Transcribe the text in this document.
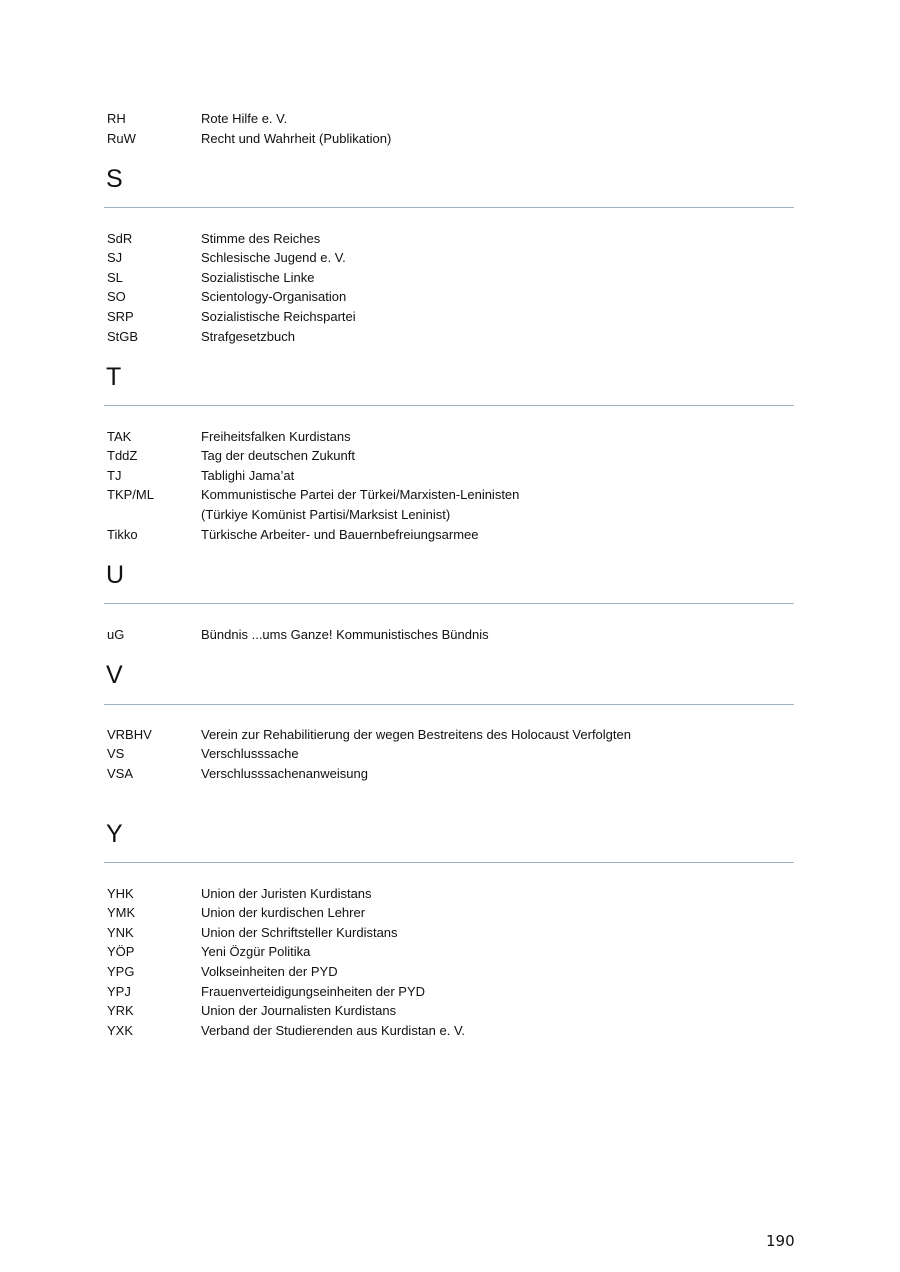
RH	Rote Hilfe e. V.
RuW	Recht und Wahrheit (Publikation)
S
SdR	Stimme des Reiches
SJ	Schlesische Jugend e. V.
SL	Sozialistische Linke
SO	Scientology-Organisation
SRP	Sozialistische Reichspartei
StGB	Strafgesetzbuch
T
TAK	Freiheitsfalken Kurdistans
TddZ	Tag der deutschen Zukunft
TJ	Tablighi Jama’at
TKP/ML	Kommunistische Partei der Türkei/Marxisten-Leninisten
(Türkiye Komünist Partisi/Marksist Leninist)
Tikko	Türkische Arbeiter- und Bauernbefreiungsarmee
U
uG	Bündnis ...ums Ganze! Kommunistisches Bündnis
V
VRBHV	Verein zur Rehabilitierung der wegen Bestreitens des Holocaust Verfolgten
VS	Verschlusssache
VSA	Verschlusssachenanweisung
Y
YHK	Union der Juristen Kurdistans
YMK	Union der kurdischen Lehrer
YNK	Union der Schriftsteller Kurdistans
YÖP	Yeni Özgür Politika
YPG	Volkseinheiten der PYD
YPJ	Frauenverteidigungseinheiten der PYD
YRK	Union der Journalisten Kurdistans
YXK	Verband der Studierenden aus Kurdistan e. V.
190
